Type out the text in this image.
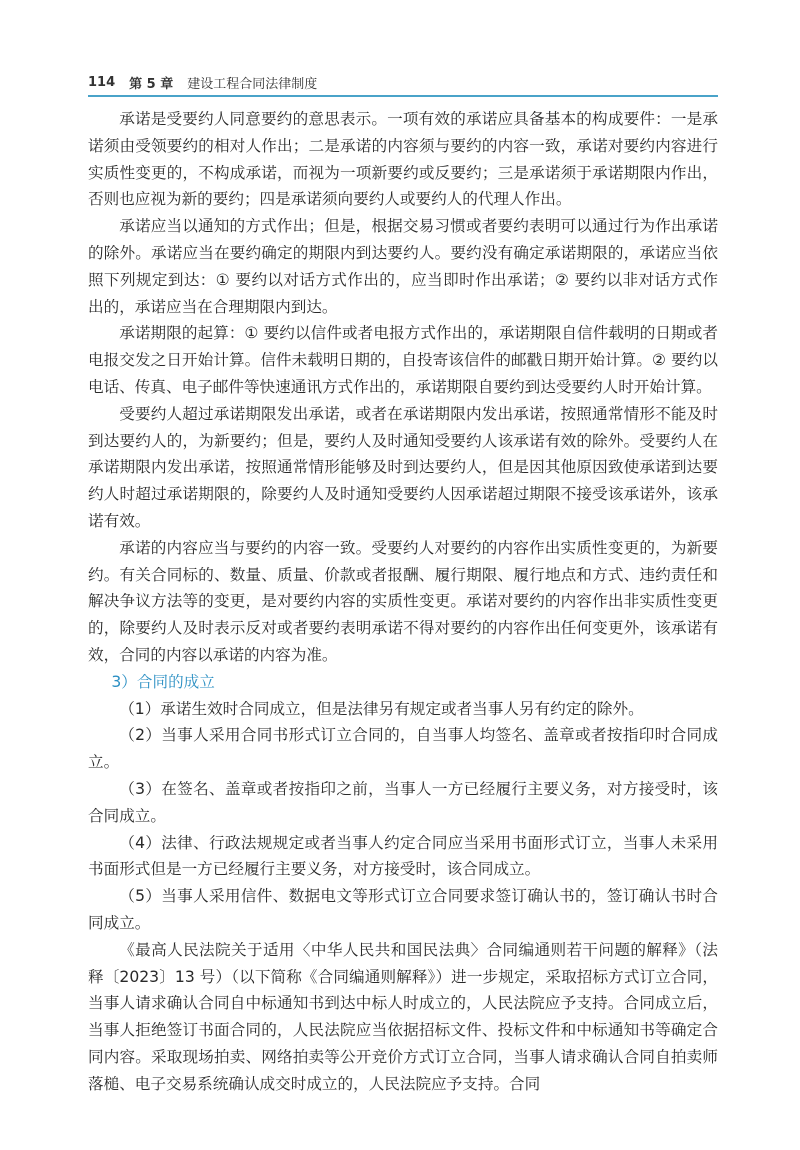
114 第 5 章 建设工程合同法律制度

承诺是受要约人同意要约的意思表示。一项有效的承诺应具备基本的构成要件：一是承诺须由受领要约的相对人作出；二是承诺的内容须与要约的内容一致，承诺对要约内容进行实质性变更的，不构成承诺，而视为一项新要约或反要约；三是承诺须于承诺期限内作出，否则也应视为新的要约；四是承诺须向要约人或要约人的代理人作出。

承诺应当以通知的方式作出；但是，根据交易习惯或者要约表明可以通过行为作出承诺的除外。承诺应当在要约确定的期限内到达要约人。要约没有确定承诺期限的，承诺应当依照下列规定到达：① 要约以对话方式作出的，应当即时作出承诺；② 要约以非对话方式作出的，承诺应当在合理期限内到达。

承诺期限的起算：① 要约以信件或者电报方式作出的，承诺期限自信件载明的日期或者电报交发之日开始计算。信件未载明日期的，自投寄该信件的邮戳日期开始计算。② 要约以电话、传真、电子邮件等快速通讯方式作出的，承诺期限自要约到达受要约人时开始计算。

受要约人超过承诺期限发出承诺，或者在承诺期限内发出承诺，按照通常情形不能及时到达要约人的，为新要约；但是，要约人及时通知受要约人该承诺有效的除外。受要约人在承诺期限内发出承诺，按照通常情形能够及时到达要约人，但是因其他原因致使承诺到达要约人时超过承诺期限的，除要约人及时通知受要约人因承诺超过期限不接受该承诺外，该承诺有效。

承诺的内容应当与要约的内容一致。受要约人对要约的内容作出实质性变更的，为新要约。有关合同标的、数量、质量、价款或者报酬、履行期限、履行地点和方式、违约责任和解决争议方法等的变更，是对要约内容的实质性变更。承诺对要约的内容作出非实质性变更的，除要约人及时表示反对或者要约表明承诺不得对要约的内容作出任何变更外，该承诺有效，合同的内容以承诺的内容为准。

3）合同的成立

（1）承诺生效时合同成立，但是法律另有规定或者当事人另有约定的除外。

（2）当事人采用合同书形式订立合同的，自当事人均签名、盖章或者按指印时合同成立。

（3）在签名、盖章或者按指印之前，当事人一方已经履行主要义务，对方接受时，该合同成立。

（4）法律、行政法规规定或者当事人约定合同应当采用书面形式订立，当事人未采用书面形式但是一方已经履行主要义务，对方接受时，该合同成立。

（5）当事人采用信件、数据电文等形式订立合同要求签订确认书的，签订确认书时合同成立。

《最高人民法院关于适用〈中华人民共和国民法典〉合同编通则若干问题的解释》（法释〔2023〕13 号）（以下简称《合同编通则解释》）进一步规定，采取招标方式订立合同，当事人请求确认合同自中标通知书到达中标人时成立的，人民法院应予支持。合同成立后，当事人拒绝签订书面合同的，人民法院应当依据招标文件、投标文件和中标通知书等确定合同内容。采取现场拍卖、网络拍卖等公开竞价方式订立合同，当事人请求确认合同自拍卖师落槌、电子交易系统确认成交时成立的，人民法院应予支持。合同
